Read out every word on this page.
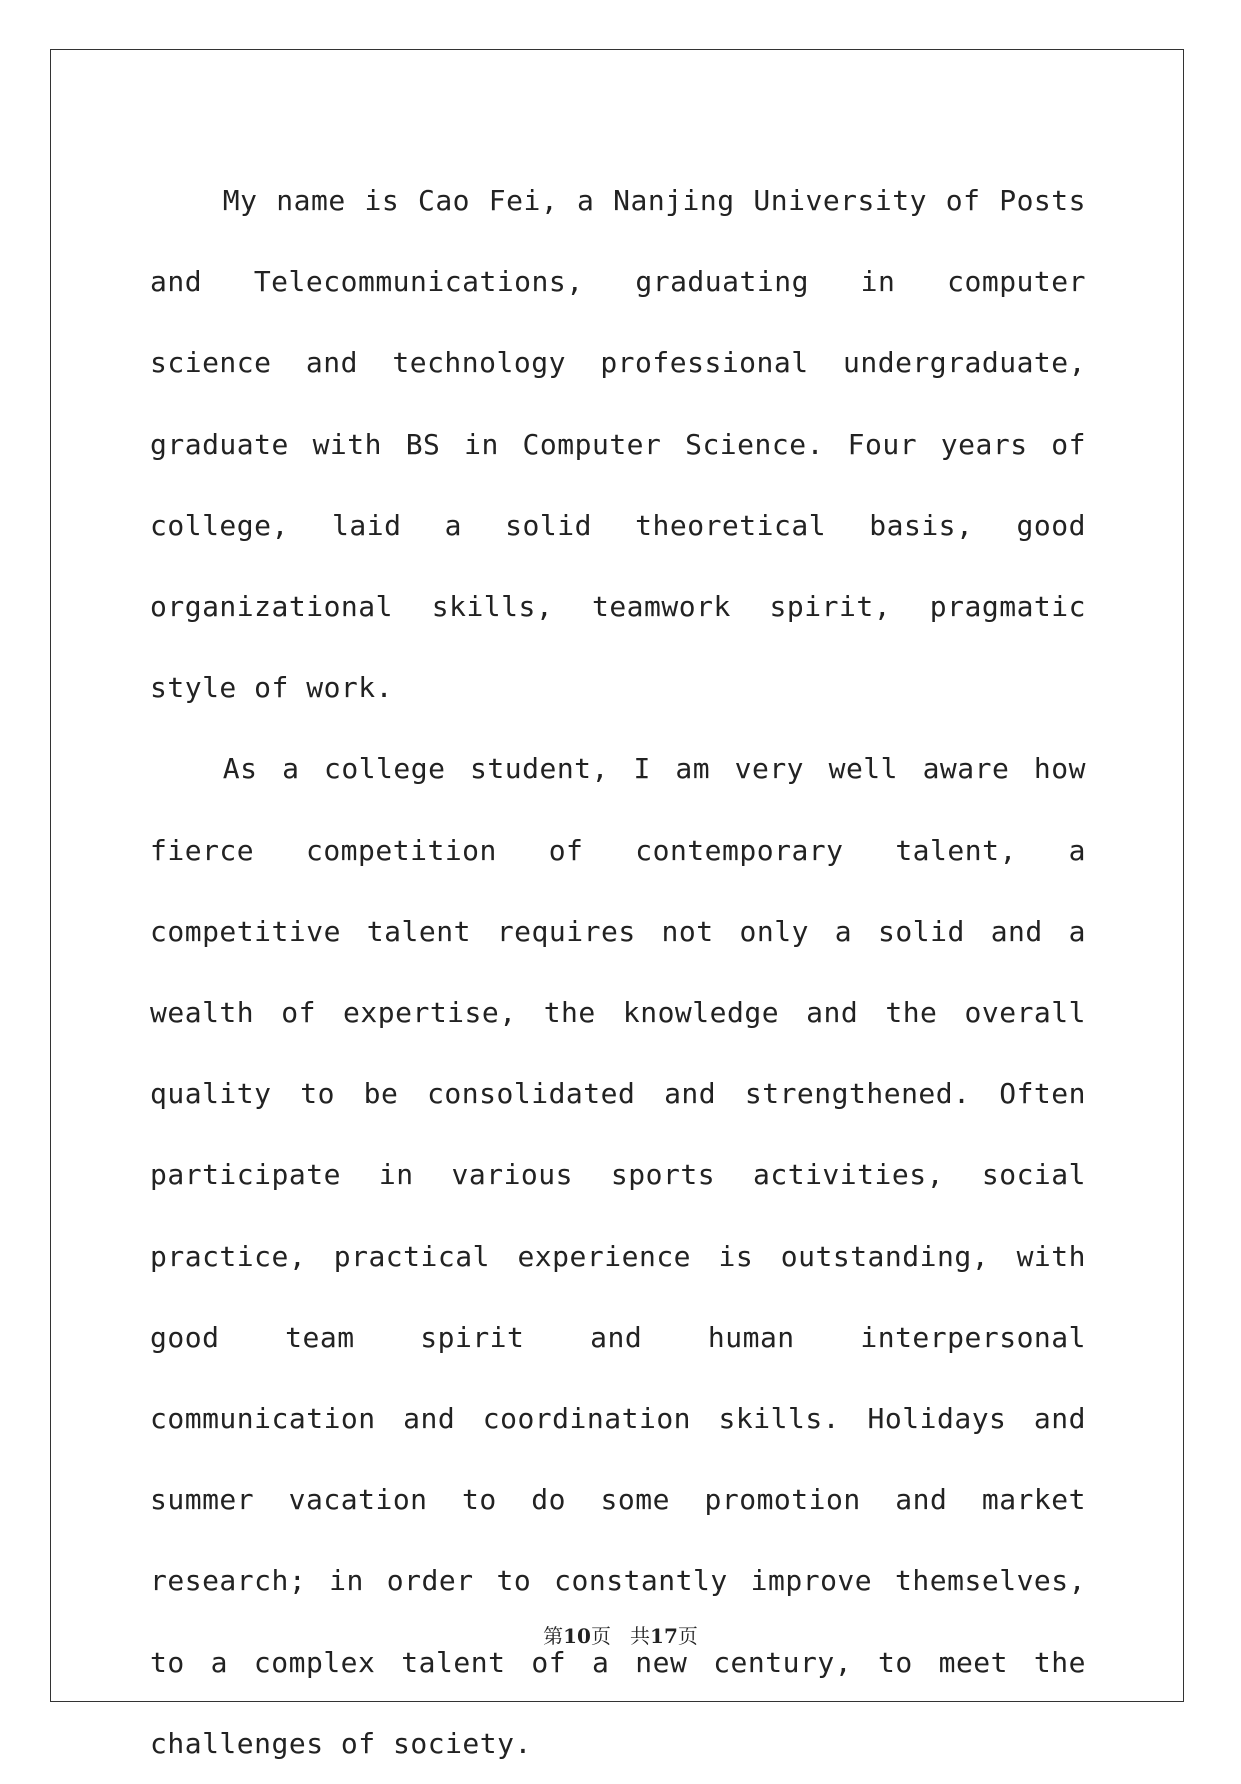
My name is Cao Fei, a Nanjing University of Posts and Telecommunications, graduating in computer science and technology professional undergraduate, graduate with BS in Computer Science. Four years of college, laid a solid theoretical basis, good organizational skills, teamwork spirit, pragmatic style of work.

As a college student, I am very well aware how fierce competition of contemporary talent, a competitive talent requires not only a solid and a wealth of expertise, the knowledge and the overall quality to be consolidated and strengthened. Often participate in various sports activities, social practice, practical experience is outstanding, with good team spirit and human interpersonal communication and coordination skills. Holidays and summer vacation to do some promotion and market research; in order to constantly improve themselves, to a complex talent of a new century, to meet the challenges of society.

第10页 共17页
